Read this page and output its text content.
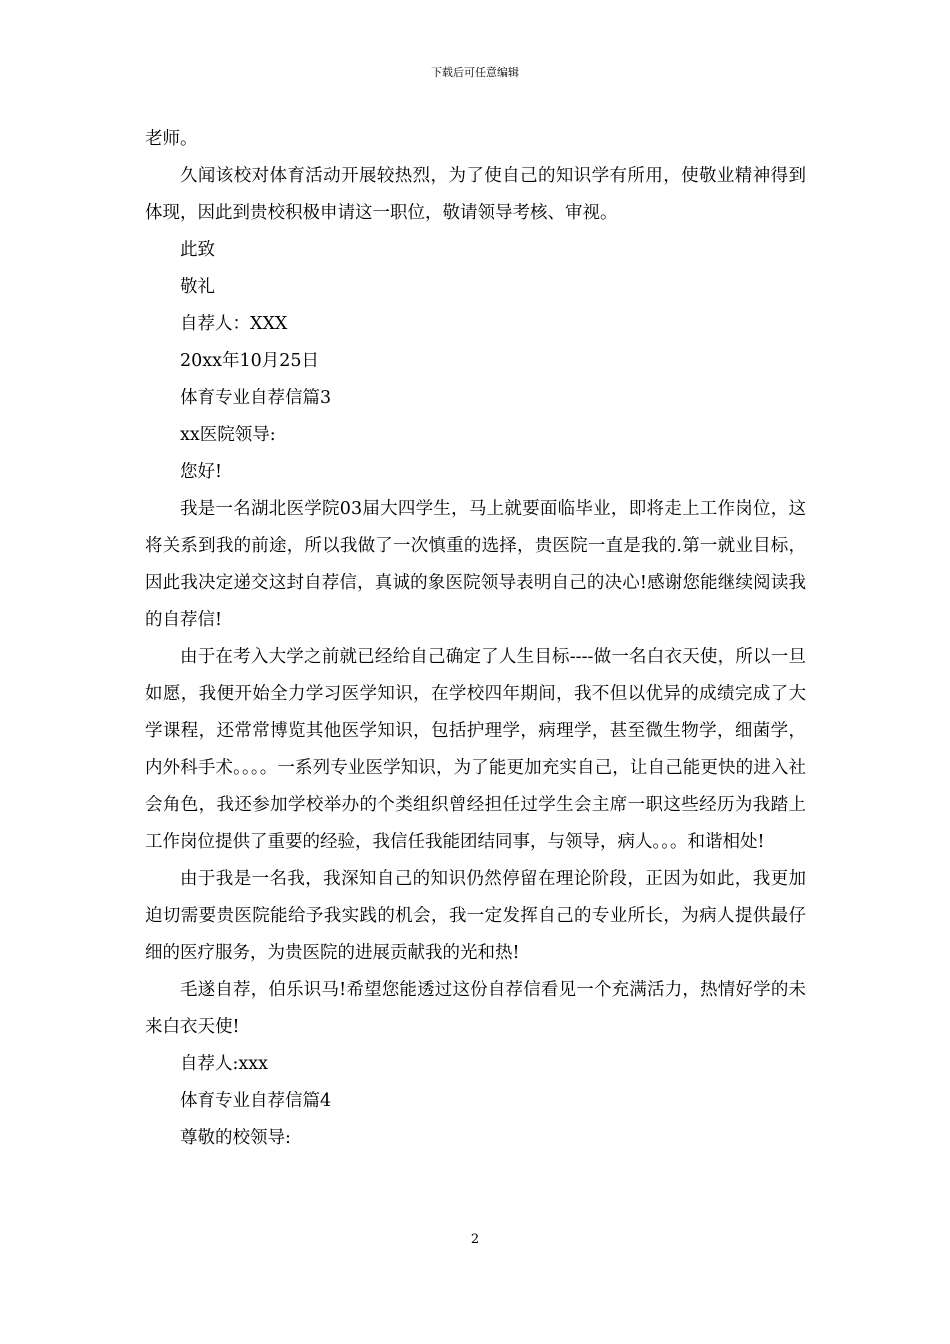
下载后可任意编辑

老师。

久闻该校对体育活动开展较热烈，为了使自己的知识学有所用，使敬业精神得到体现，因此到贵校积极申请这一职位，敬请领导考核、审视。

此致

敬礼

自荐人：XXX

20xx年10月25日

体育专业自荐信篇3

xx医院领导:

您好!

我是一名湖北医学院03届大四学生，马上就要面临毕业，即将走上工作岗位，这将关系到我的前途，所以我做了一次慎重的选择，贵医院一直是我的.第一就业目标，因此我决定递交这封自荐信，真诚的象医院领导表明自己的决心!感谢您能继续阅读我的自荐信!

由于在考入大学之前就已经给自己确定了人生目标----做一名白衣天使，所以一旦如愿，我便开始全力学习医学知识，在学校四年期间，我不但以优异的成绩完成了大学课程，还常常博览其他医学知识，包括护理学，病理学，甚至微生物学，细菌学，内外科手术。。。。一系列专业医学知识，为了能更加充实自己，让自己能更快的进入社会角色，我还参加学校举办的个类组织曾经担任过学生会主席一职这些经历为我踏上工作岗位提供了重要的经验，我信任我能团结同事，与领导，病人。。。和谐相处!

由于我是一名我，我深知自己的知识仍然停留在理论阶段，正因为如此，我更加迫切需要贵医院能给予我实践的机会，我一定发挥自己的专业所长，为病人提供最仔细的医疗服务，为贵医院的进展贡献我的光和热!

毛遂自荐，伯乐识马!希望您能透过这份自荐信看见一个充满活力，热情好学的未来白衣天使!

自荐人:xxx

体育专业自荐信篇4

尊敬的校领导:

2
